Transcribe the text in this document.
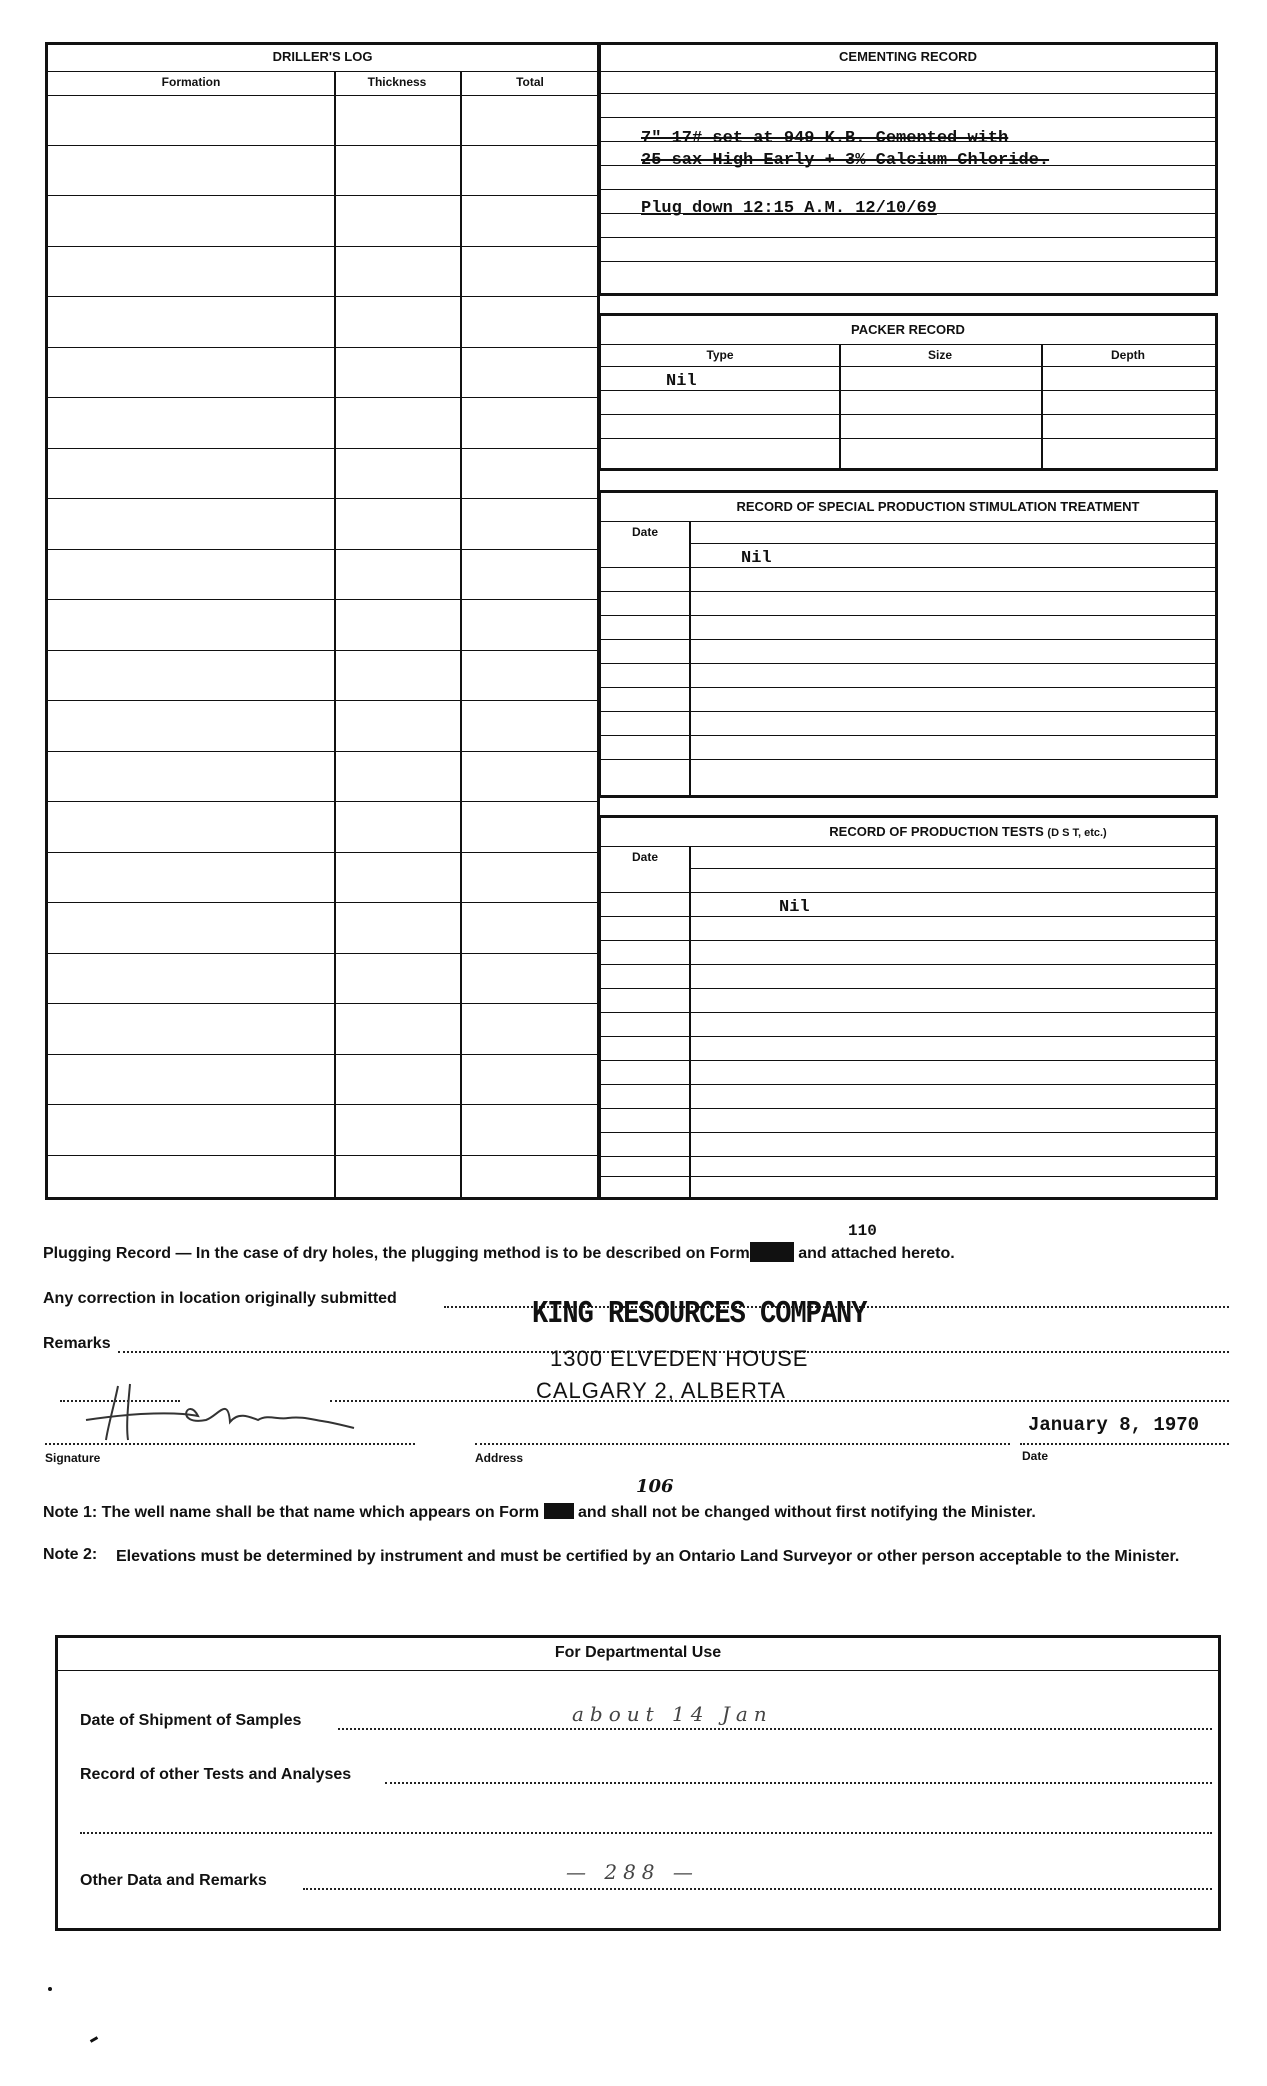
DRILLER'S LOG
Formation	Thickness	Total
CEMENTING RECORD
7" 17# set at 949 K.B. Cemented with
25 sax High Early + 3% Calcium Chloride.
Plug down 12:15 A.M. 12/10/69
PACKER RECORD
Type	Size	Depth
Nil
RECORD OF SPECIAL PRODUCTION STIMULATION TREATMENT
Date
Nil
RECORD OF PRODUCTION TESTS (D S T, etc.)
Date
Nil
110
Plugging Record — In the case of dry holes, the plugging method is to be described on Form	and attached hereto.
Any correction in location originally submitted
Remarks
KING RESOURCES COMPANY
1300 ELVEDEN HOUSE
CALGARY 2, ALBERTA
January 8, 1970
Signature	Address	Date
106
Note 1: The well name shall be that name which appears on Form and shall not be changed without first notifying the Minister.
Note 2: Elevations must be determined by instrument and must be certified by an Ontario Land Surveyor or other person acceptable to the Minister.
For Departmental Use
Date of Shipment of Samples	about 14 Jan
Record of other Tests and Analyses
Other Data and Remarks	— 288 —
